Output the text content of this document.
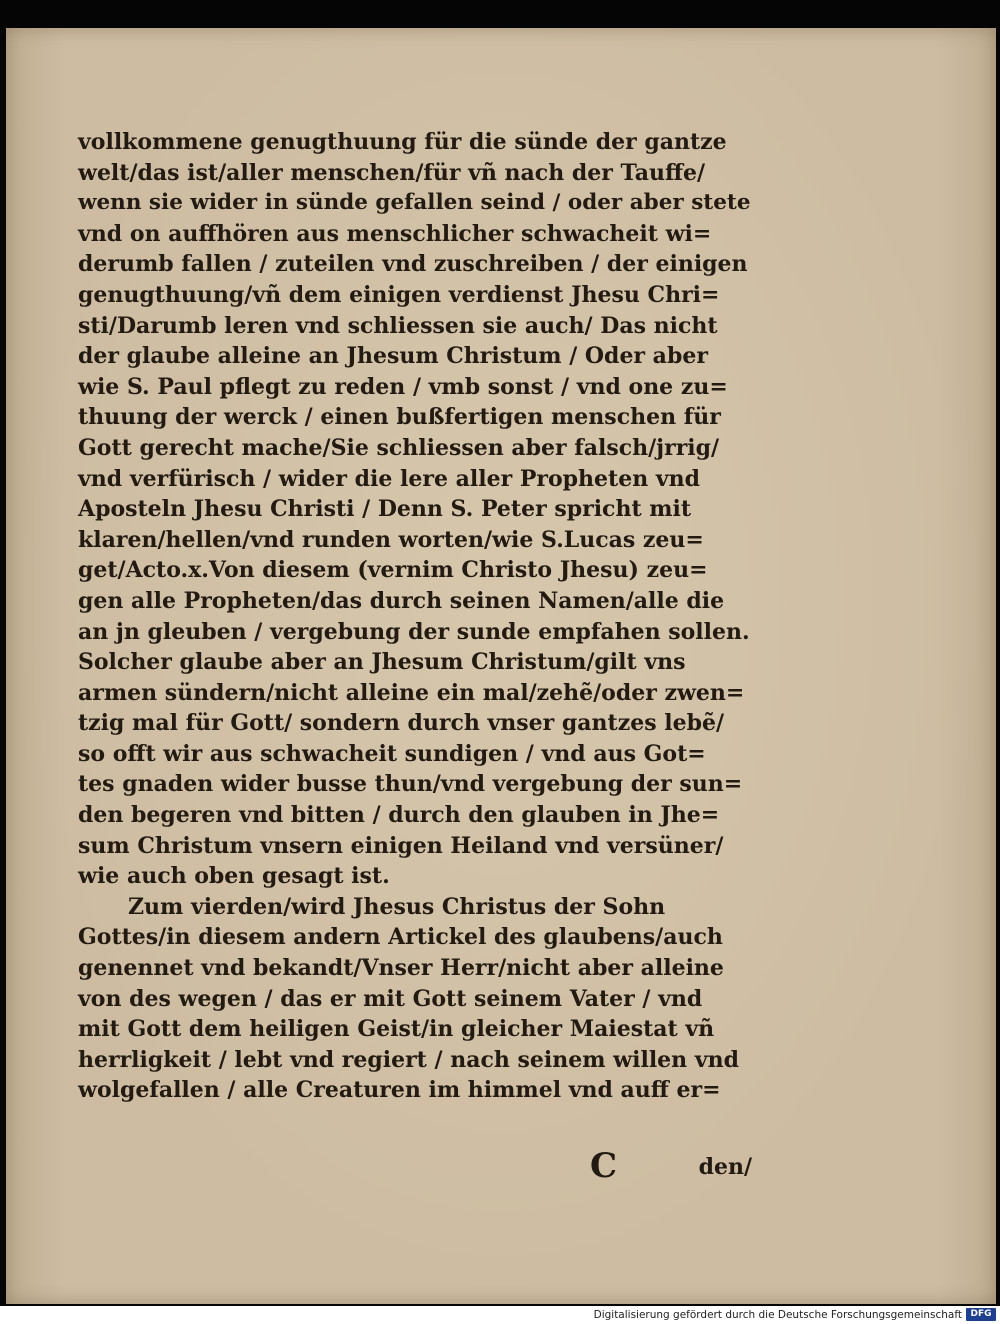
vollkommene genugthuung für die sünde der gantze
welt/das ist/aller menschen/für vñ nach der Tauffe/
wenn sie wider in sünde gefallen seind / oder aber stete
vnd on auffhören aus menschlicher schwacheit wi=
derumb fallen / zuteilen vnd zuschreiben / der einigen
genugthuung/vñ dem einigen verdienst Jhesu Chri=
sti/Darumb leren vnd schliessen sie auch/ Das nicht
der glaube alleine an Jhesum Christum / Oder aber
wie S. Paul pflegt zu reden / vmb sonst / vnd one zu=
thuung der werck / einen bußfertigen menschen für
Gott gerecht mache/Sie schliessen aber falsch/jrrig/
vnd verfürisch / wider die lere aller Propheten vnd
Aposteln Jhesu Christi / Denn S. Peter spricht mit
klaren/hellen/vnd runden worten/wie S.Lucas zeu=
get/Acto.x.Von diesem (vernim Christo Jhesu) zeu=
gen alle Propheten/das durch seinen Namen/alle die
an jn gleuben / vergebung der sunde empfahen sollen.
Solcher glaube aber an Jhesum Christum/gilt vns
armen sündern/nicht alleine ein mal/zehẽ/oder zwen=
tzig mal für Gott/ sondern durch vnser gantzes lebẽ/
so offt wir aus schwacheit sundigen / vnd aus Got=
tes gnaden wider busse thun/vnd vergebung der sun=
den begeren vnd bitten / durch den glauben in Jhe=
sum Christum vnsern einigen Heiland vnd versüner/
wie auch oben gesagt ist.
Zum vierden/wird Jhesus Christus der Sohn
Gottes/in diesem andern Artickel des glaubens/auch
genennet vnd bekandt/Vnser Herr/nicht aber alleine
von des wegen / das er mit Gott seinem Vater / vnd
mit Gott dem heiligen Geist/in gleicher Maiestat vñ
herrligkeit / lebt vnd regiert / nach seinem willen vnd
wolgefallen / alle Creaturen im himmel vnd auff er=
C	den/
Digitalisierung gefördert durch die Deutsche Forschungsgemeinschaft DFG
